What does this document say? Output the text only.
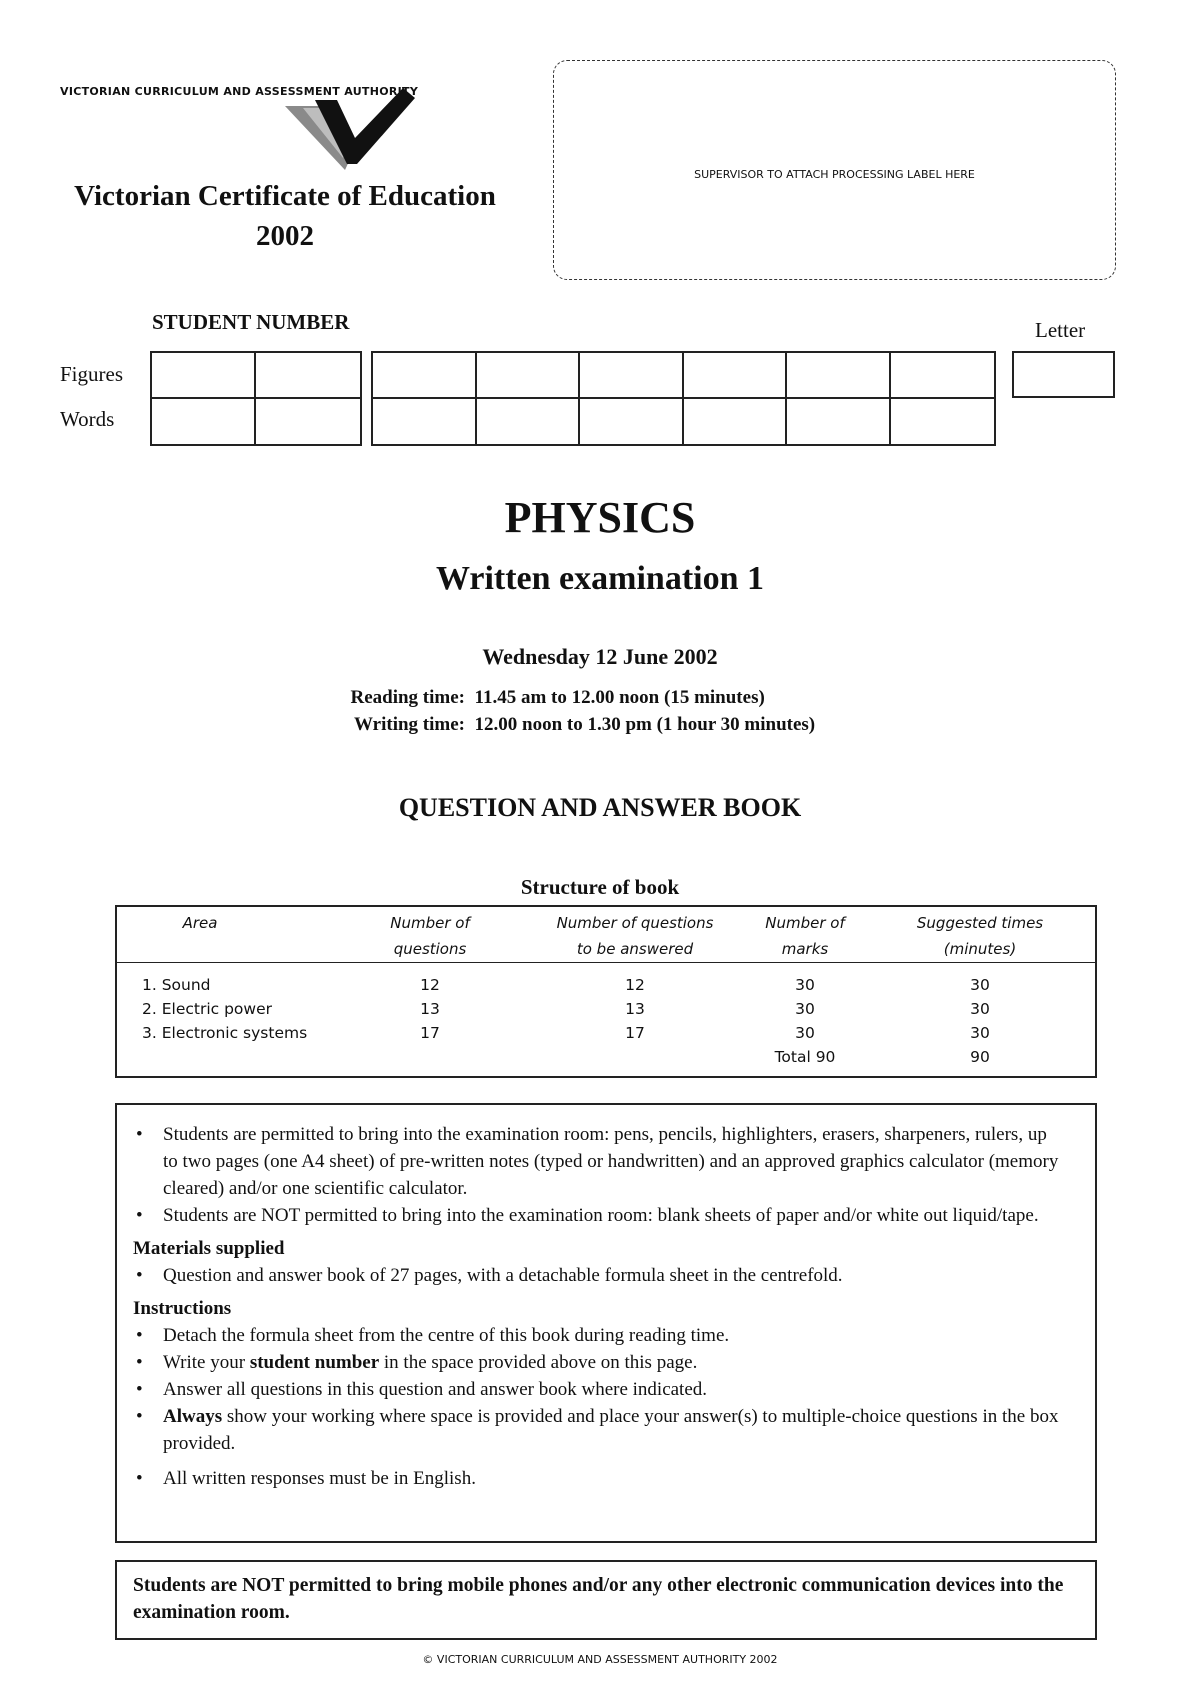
VICTORIAN CURRICULUM AND ASSESSMENT AUTHORITY
Victorian Certificate of Education
2002
SUPERVISOR TO ATTACH PROCESSING LABEL HERE
STUDENT NUMBER	Letter
Figures
Words
PHYSICS
Written examination 1
Wednesday 12 June 2002
Reading time: 11.45 am to 12.00 noon (15 minutes)
Writing time: 12.00 noon to 1.30 pm (1 hour 30 minutes)
QUESTION AND ANSWER BOOK
Structure of book
Area	Number of
questions
Number of questions
to be answered
Number of
marks
Suggested times
(minutes)
1. Sound
2. Electric power
3. Electronic systems
12
13
17
12
13
17
30
30
30
Total 90
30
30
30
90
• Students are permitted to bring into the examination room: pens, pencils, highlighters, erasers, sharpeners, rulers, up to two pages (one A4 sheet) of pre-written notes (typed or handwritten) and an approved graphics calculator (memory cleared) and/or one scientific calculator.
• Students are NOT permitted to bring into the examination room: blank sheets of paper and/or white out liquid/tape.
Materials supplied
• Question and answer book of 27 pages, with a detachable formula sheet in the centrefold.
Instructions
• Detach the formula sheet from the centre of this book during reading time.
• Write your student number in the space provided above on this page.
• Answer all questions in this question and answer book where indicated.
• Always show your working where space is provided and place your answer(s) to multiple-choice questions in the box provided.
• All written responses must be in English.
Students are NOT permitted to bring mobile phones and/or any other electronic communication devices into the examination room.
© VICTORIAN CURRICULUM AND ASSESSMENT AUTHORITY 2002
